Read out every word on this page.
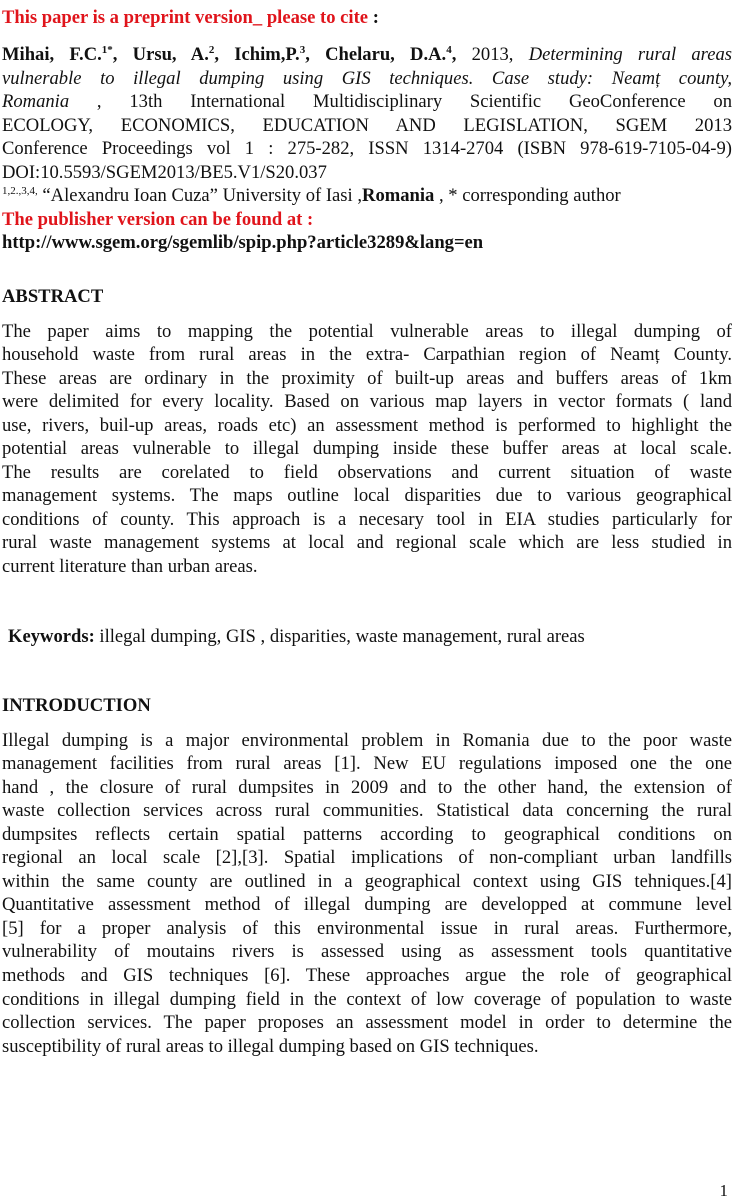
This paper is a preprint version_ please to cite :
Mihai, F.C.$^{1*}$, Ursu, A.$^2$, Ichim,P.$^3$, Chelaru, D.A.$^4$, 2013, Determining rural areas
vulnerable to illegal dumping using GIS techniques. Case study: Neamț county,
Romania , 13th International Multidisciplinary Scientific GeoConference on
ECOLOGY, ECONOMICS, EDUCATION AND LEGISLATION, SGEM 2013
Conference Proceedings vol 1 : 275-282, ISSN 1314-2704 (ISBN 978-619-7105-04-9)
DOI:10.5593/SGEM2013/BE5.V1/S20.037
$^{1,2.,3,4,}$ “Alexandru Ioan Cuza” University of Iasi ,Romania , * corresponding author
The publisher version can be found at :
http://www.sgem.org/sgemlib/spip.php?article3289&lang=en
ABSTRACT
The paper aims to mapping the potential vulnerable areas to illegal dumping of
household waste from rural areas in the extra- Carpathian region of Neamț County.
These areas are ordinary in the proximity of built-up areas and buffers areas of 1km
were delimited for every locality. Based on various map layers in vector formats ( land
use, rivers, buil-up areas, roads etc) an assessment method is performed to highlight the
potential areas vulnerable to illegal dumping inside these buffer areas at local scale.
The results are corelated to field observations and current situation of waste
management systems. The maps outline local disparities due to various geographical
conditions of county. This approach is a necesary tool in EIA studies particularly for
rural waste management systems at local and regional scale which are less studied in
current literature than urban areas.
Keywords: illegal dumping, GIS , disparities, waste management, rural areas
INTRODUCTION
Illegal dumping is a major environmental problem in Romania due to the poor waste
management facilities from rural areas [1]. New EU regulations imposed one the one
hand , the closure of rural dumpsites in 2009 and to the other hand, the extension of
waste collection services across rural communities. Statistical data concerning the rural
dumpsites reflects certain spatial patterns according to geographical conditions on
regional an local scale [2],[3]. Spatial implications of non-compliant urban landfills
within the same county are outlined in a geographical context using GIS tehniques.[4]
Quantitative assessment method of illegal dumping are developped at commune level
[5] for a proper analysis of this environmental issue in rural areas. Furthermore,
vulnerability of moutains rivers is assessed using as assessment tools quantitative
methods and GIS techniques [6]. These approaches argue the role of geographical
conditions in illegal dumping field in the context of low coverage of population to waste
collection services. The paper proposes an assessment model in order to determine the
susceptibility of rural areas to illegal dumping based on GIS techniques.
1
